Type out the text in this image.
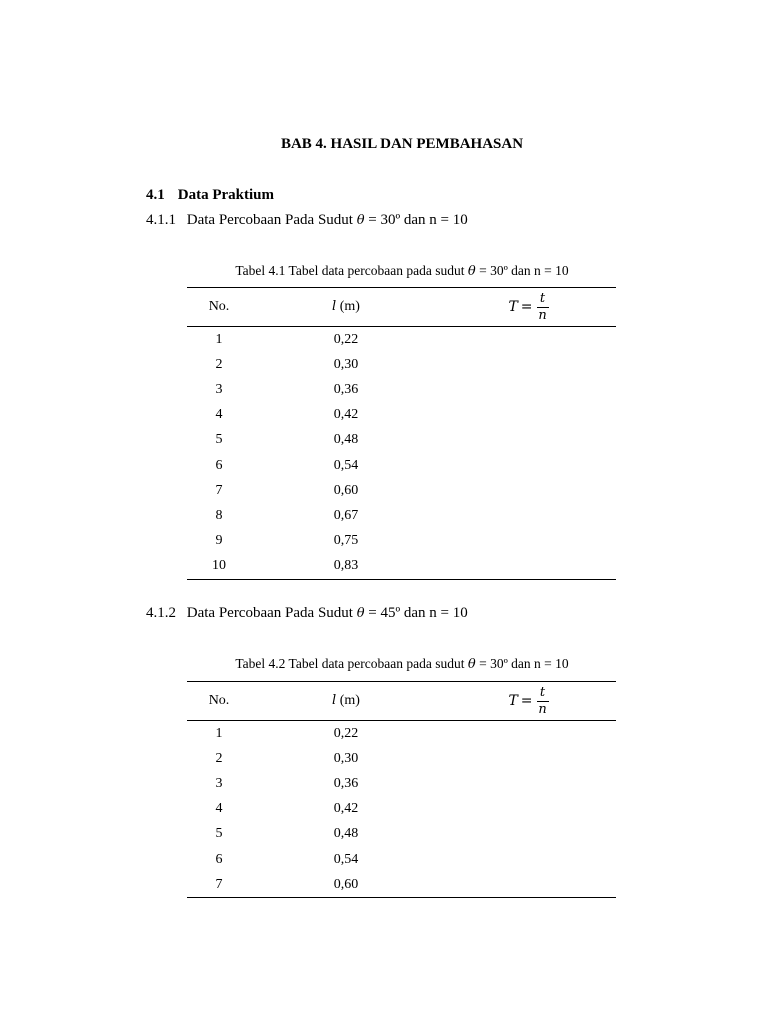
BAB 4. HASIL DAN PEMBAHASAN
4.1 Data Praktium
4.1.1 Data Percobaan Pada Sudut θ = 30º dan n = 10
Tabel 4.1 Tabel data percobaan pada sudut θ = 30º dan n = 10
No.	l (m)	$T = \frac{t}{n}$

1	0,22	
2	0,30	
3	0,36	
4	0,42	
5	0,48	
6	0,54	
7	0,60	
8	0,67	
9	0,75	
10	0,83	
4.1.2 Data Percobaan Pada Sudut θ = 45º dan n = 10
Tabel 4.2 Tabel data percobaan pada sudut θ = 30º dan n = 10
No.	l (m)	$T = \frac{t}{n}$

1	0,22	
2	0,30	
3	0,36	
4	0,42	
5	0,48	
6	0,54	
7	0,60	
